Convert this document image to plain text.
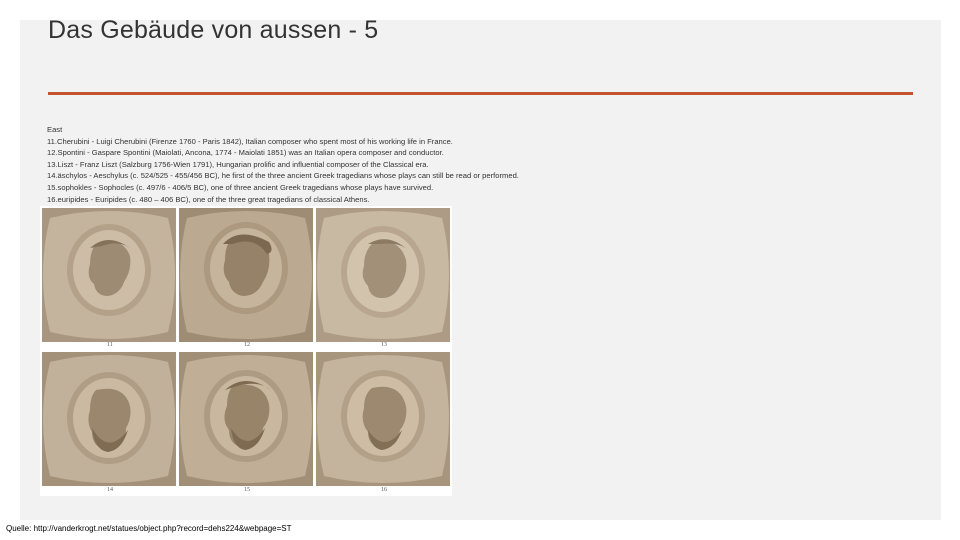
Das Gebäude von aussen - 5
East
11.Cherubini - Luigi Cherubini (Firenze 1760 - Paris 1842), Italian composer who spent most of his working life in France.
12.Spontini - Gaspare Spontini (Maiolati, Ancona, 1774 - Maiolati 1851) was an Italian opera composer and conductor.
13.Liszt - Franz Liszt (Salzburg 1756-Wien 1791), Hungarian prolific and influential composer of the Classical era.
14.äschylos - Aeschylus (c. 524/525 - 455/456 BC), he first of the three ancient Greek tragedians whose plays can still be read or performed.
15.sophokles - Sophocles (c. 497/6 - 406/5 BC), one of three ancient Greek tragedians whose plays have survived.
16.euripides - Euripides (c. 480 – 406 BC), one of the three great tragedians of classical Athens.
11	12	13
14	15	16
Quelle: http://vanderkrogt.net/statues/object.php?record=dehs224&webpage=ST
